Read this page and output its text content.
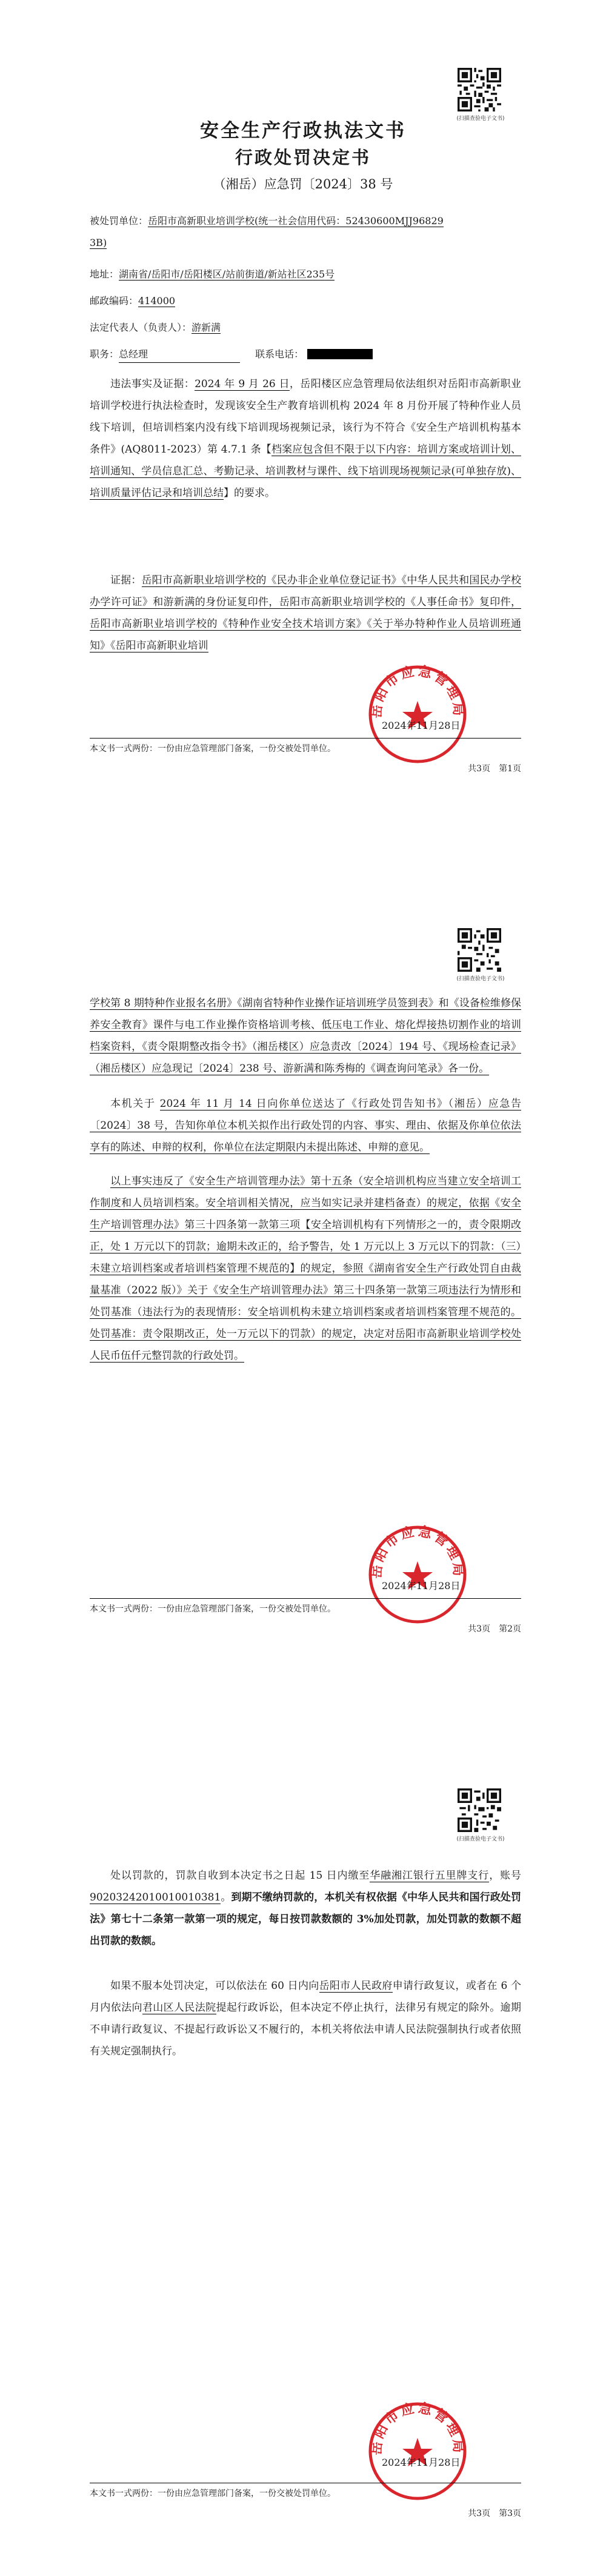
(扫描查验电子文书)
安全生产行政执法文书
行政处罚决定书
（湘岳）应急罚〔2024〕38 号
被处罚单位：岳阳市高新职业培训学校(统一社会信用代码：52430600MJJ96829
3B)
地址：湖南省/岳阳市/岳阳楼区/站前街道/新站社区235号
邮政编码：414000
法定代表人（负责人）：游新满
职务：总经理	联系电话：

违法事实及证据：2024 年 9 月 26 日，岳阳楼区应急管理局依法组织对岳阳市高新职业培训学校进行执法检查时，发现该安全生产教育培训机构 2024 年 8 月份开展了特种作业人员线下培训，但培训档案内没有线下培训现场视频记录，该行为不符合《安全生产培训机构基本条件》(AQ8011-2023）第 4.7.1 条【档案应包含但不限于以下内容：培训方案或培训计划、培训通知、学员信息汇总、考勤记录、培训教材与课件、线下培训现场视频记录(可单独存放)、培训质量评估记录和培训总结】的要求。

证据：岳阳市高新职业培训学校的《民办非企业单位登记证书》《中华人民共和国民办学校办学许可证》和游新满的身份证复印件，岳阳市高新职业培训学校的《人事任命书》复印件，岳阳市高新职业培训学校的《特种作业安全技术培训方案》《关于举办特种作业人员培训班通知》《岳阳市高新职业培训

岳阳市应急管理局
2024年11月28日
本文书一式两份：一份由应急管理部门备案，一份交被处罚单位。
共3页　第1页
(扫描查验电子文书)

学校第 8 期特种作业报名名册》《湖南省特种作业操作证培训班学员签到表》和《设备检维修保养安全教育》课件与电工作业操作资格培训考核、低压电工作业、熔化焊接热切割作业的培训档案资料，《责令限期整改指令书》（湘岳楼区）应急责改〔2024〕194 号、《现场检查记录》（湘岳楼区）应急现记〔2024〕238 号、游新满和陈秀梅的《调查询问笔录》各一份。

本机关于 2024 年 11 月 14 日向你单位送达了《行政处罚告知书》（湘岳）应急告〔2024〕38 号，告知你单位本机关拟作出行政处罚的内容、事实、理由、依据及你单位依法享有的陈述、申辩的权利，你单位在法定期限内未提出陈述、申辩的意见。

以上事实违反了《安全生产培训管理办法》第十五条（安全培训机构应当建立安全培训工作制度和人员培训档案。安全培训相关情况，应当如实记录并建档备查）的规定，依据《安全生产培训管理办法》第三十四条第一款第三项【安全培训机构有下列情形之一的，责令限期改正，处 1 万元以下的罚款；逾期未改正的，给予警告，处 1 万元以上 3 万元以下的罚款：（三）未建立培训档案或者培训档案管理不规范的】的规定，参照《湖南省安全生产行政处罚自由裁量基准（2022 版）》关于《安全生产培训管理办法》第三十四条第一款第三项违法行为情形和处罚基准（违法行为的表现情形：安全培训机构未建立培训档案或者培训档案管理不规范的。处罚基准：责令限期改正，处一万元以下的罚款）的规定，决定对岳阳市高新职业培训学校处人民币伍仟元整罚款的行政处罚。

岳阳市应急管理局
2024年11月28日
本文书一式两份：一份由应急管理部门备案，一份交被处罚单位。
共3页　第2页
(扫描查验电子文书)

处以罚款的，罚款自收到本决定书之日起 15 日内缴至华融湘江银行五里牌支行，账号 90203242010010010381。到期不缴纳罚款的，本机关有权依据《中华人民共和国行政处罚法》第七十二条第一款第一项的规定，每日按罚款数额的 3%加处罚款，加处罚款的数额不超出罚款的数额。

如果不服本处罚决定，可以依法在 60 日内向岳阳市人民政府申请行政复议，或者在 6 个月内依法向君山区人民法院提起行政诉讼，但本决定不停止执行，法律另有规定的除外。逾期不申请行政复议、不提起行政诉讼又不履行的，本机关将依法申请人民法院强制执行或者依照有关规定强制执行。

岳阳市应急管理局
2024年11月28日
本文书一式两份：一份由应急管理部门备案，一份交被处罚单位。
共3页　第3页
